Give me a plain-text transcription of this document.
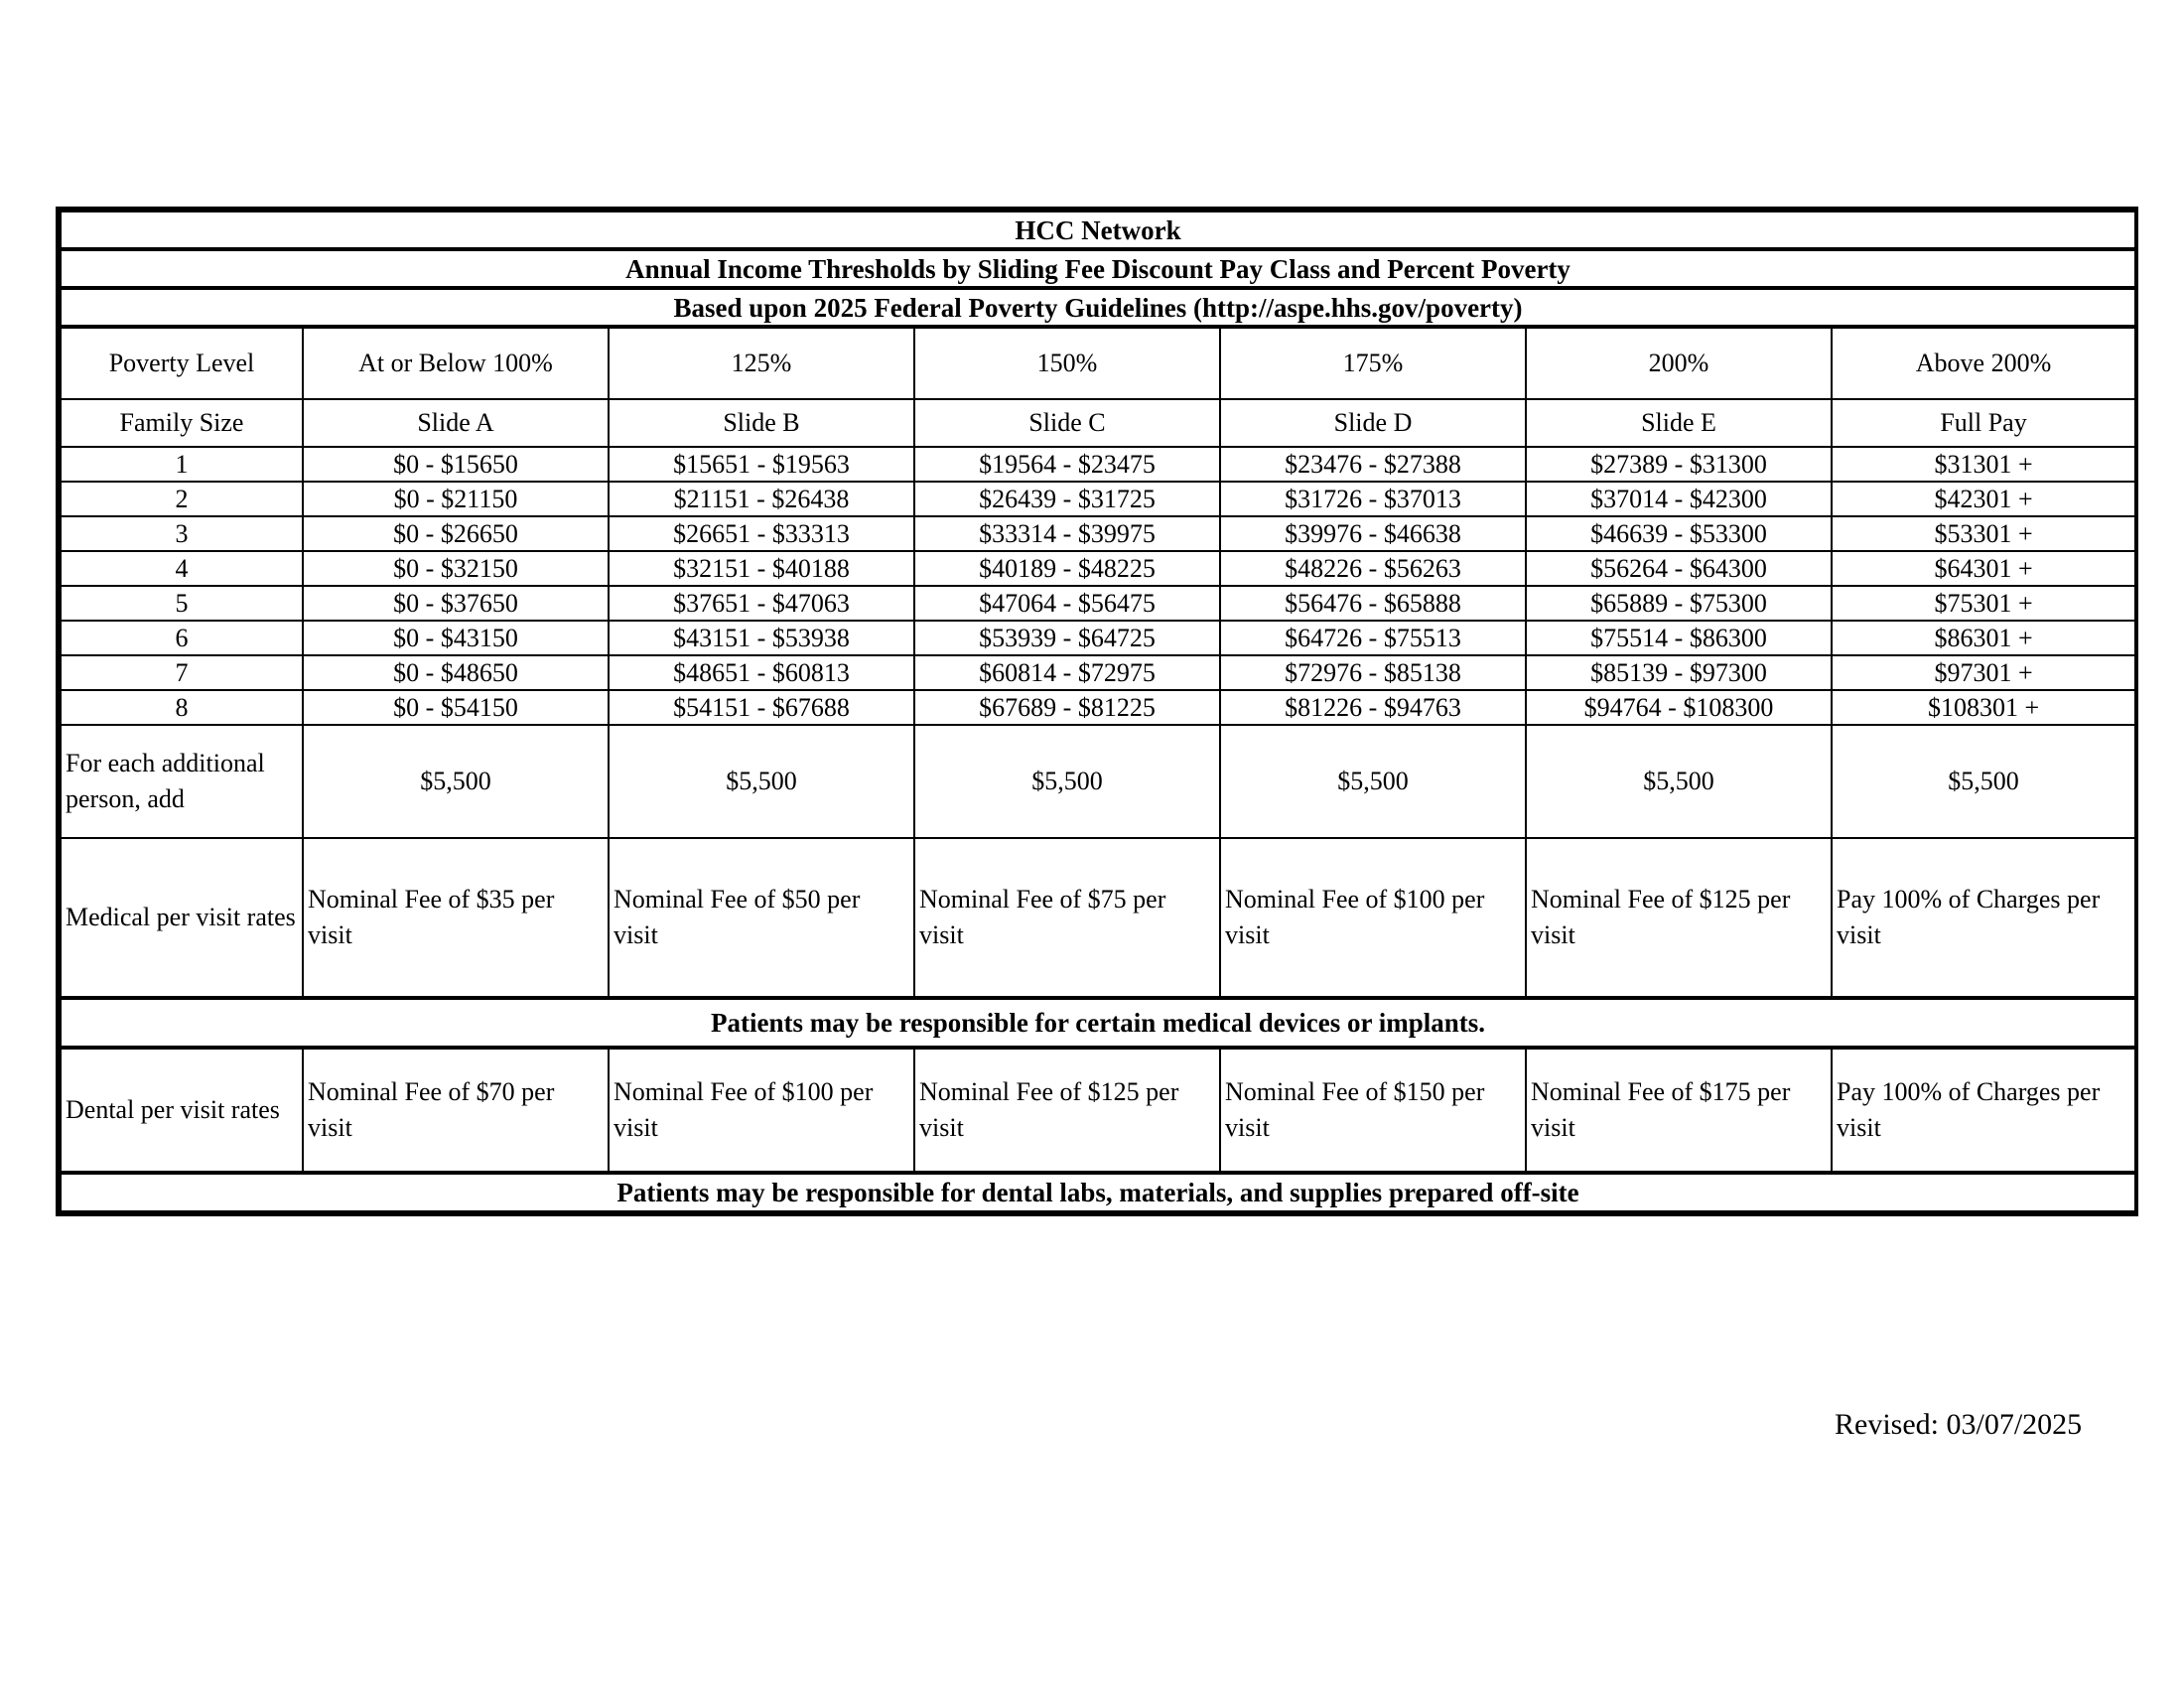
HCC Network						
Annual Income Thresholds by Sliding Fee Discount Pay Class and Percent Poverty						
Based upon 2025 Federal Poverty Guidelines (http://aspe.hhs.gov/poverty)						
Poverty Level	At or Below 100%	125%	150%	175%	200%	Above 200%
Family Size	Slide A	Slide B	Slide C	Slide D	Slide E	Full Pay
1	$0 - $15650	$15651 - $19563	$19564 - $23475	$23476 - $27388	$27389 - $31300	$31301 +
2	$0 - $21150	$21151 - $26438	$26439 - $31725	$31726 - $37013	$37014 - $42300	$42301 +
3	$0 - $26650	$26651 - $33313	$33314 - $39975	$39976 - $46638	$46639 - $53300	$53301 +
4	$0 - $32150	$32151 - $40188	$40189 - $48225	$48226 - $56263	$56264 - $64300	$64301 +
5	$0 - $37650	$37651 - $47063	$47064 - $56475	$56476 - $65888	$65889 - $75300	$75301 +
6	$0 - $43150	$43151 - $53938	$53939 - $64725	$64726 - $75513	$75514 - $86300	$86301 +
7	$0 - $48650	$48651 - $60813	$60814 - $72975	$72976 - $85138	$85139 - $97300	$97301 +
8	$0 - $54150	$54151 - $67688	$67689 - $81225	$81226 - $94763	$94764 - $108300	$108301 +
For each additional person, add	$5,500	$5,500	$5,500	$5,500	$5,500	$5,500
Medical per visit rates	Nominal Fee of $35 per visit	Nominal Fee of $50 per visit	Nominal Fee of $75 per visit	Nominal Fee of $100 per visit	Nominal Fee of $125 per visit	Pay 100% of Charges per visit
Patients may be responsible for certain medical devices or implants.						
Dental per visit rates	Nominal Fee of $70 per visit	Nominal Fee of $100 per visit	Nominal Fee of $125 per visit	Nominal Fee of $150 per visit	Nominal Fee of $175 per visit	Pay 100% of Charges per visit
Patients may be responsible for dental labs, materials, and supplies prepared off-site						
Revised: 03/07/2025
